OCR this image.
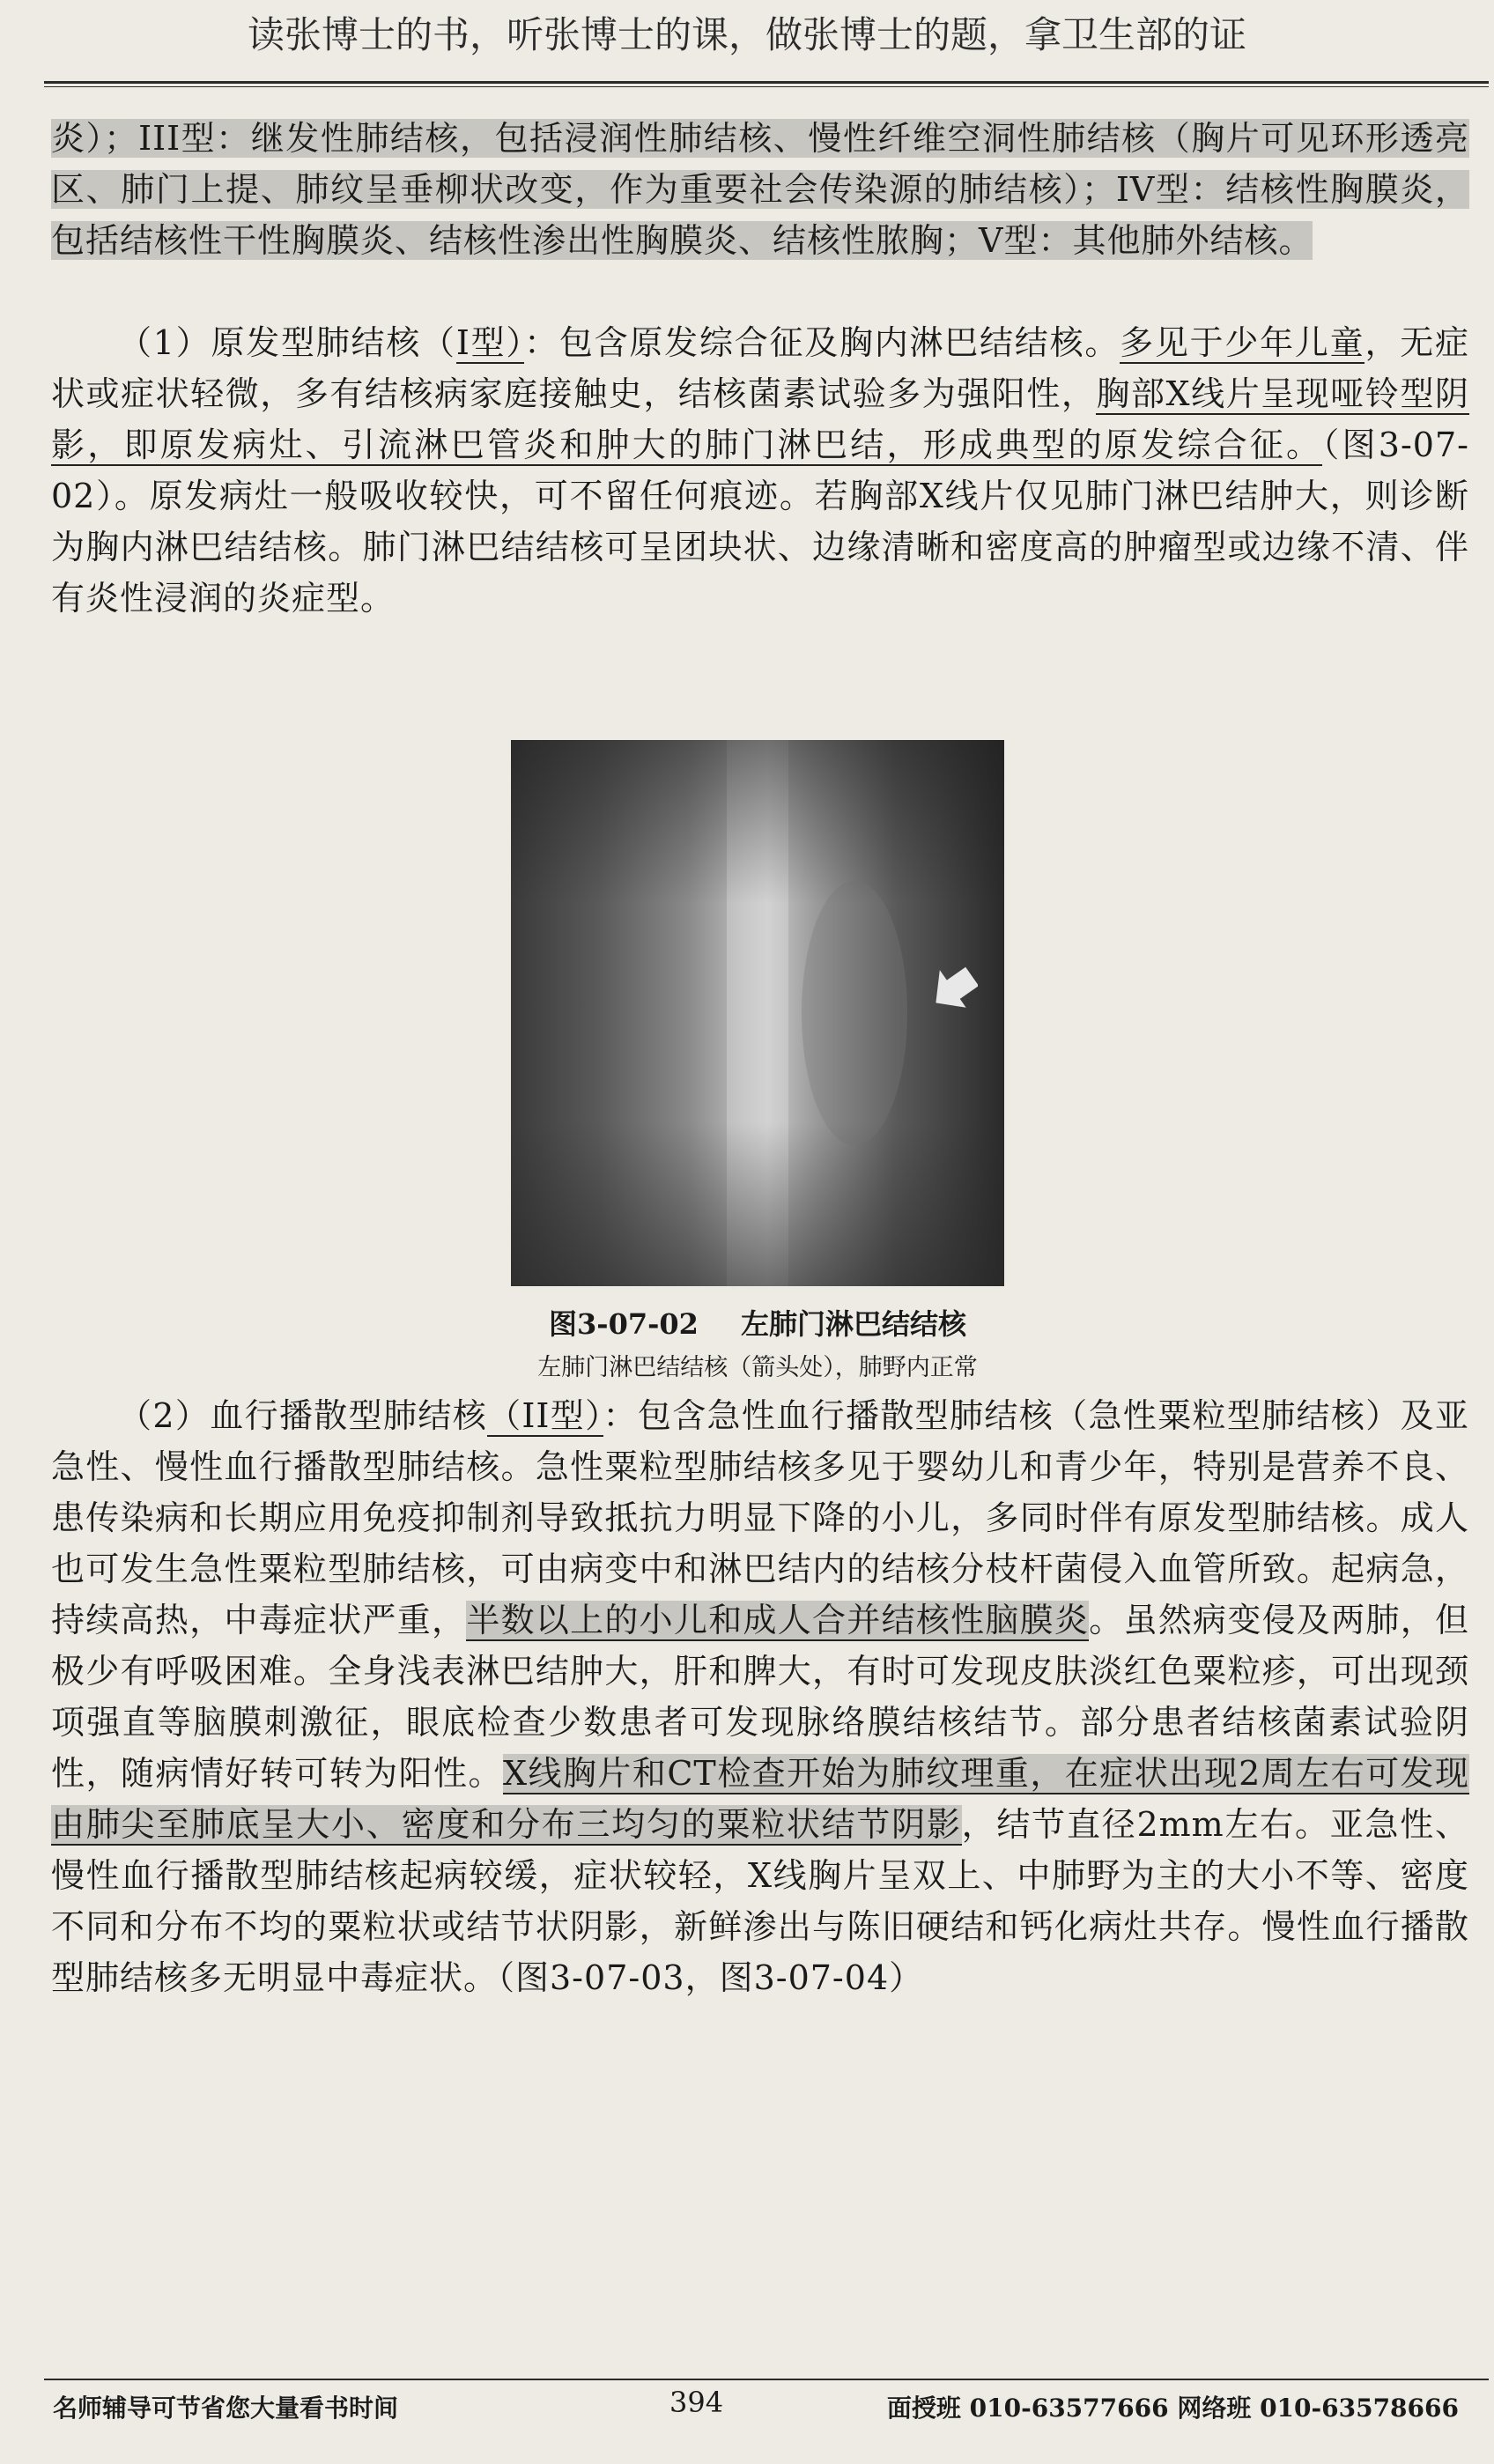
读张博士的书，听张博士的课，做张博士的题，拿卫生部的证

炎）；III型：继发性肺结核，包括浸润性肺结核、慢性纤维空洞性肺结核（胸片可见环形透亮区、肺门上提、肺纹呈垂柳状改变，作为重要社会传染源的肺结核）；IV型：结核性胸膜炎，包括结核性干性胸膜炎、结核性渗出性胸膜炎、结核性脓胸；V型：其他肺外结核。

（1）原发型肺结核（I型）：包含原发综合征及胸内淋巴结结核。多见于少年儿童，无症状或症状轻微，多有结核病家庭接触史，结核菌素试验多为强阳性，胸部X线片呈现哑铃型阴影，即原发病灶、引流淋巴管炎和肿大的肺门淋巴结，形成典型的原发综合征。（图3-07-02）。原发病灶一般吸收较快，可不留任何痕迹。若胸部X线片仅见肺门淋巴结肿大，则诊断为胸内淋巴结结核。肺门淋巴结结核可呈团块状、边缘清晰和密度高的肿瘤型或边缘不清、伴有炎性浸润的炎症型。

图3-07-02 左肺门淋巴结结核
左肺门淋巴结结核（箭头处），肺野内正常

（2）血行播散型肺结核（II型）：包含急性血行播散型肺结核（急性粟粒型肺结核）及亚急性、慢性血行播散型肺结核。急性粟粒型肺结核多见于婴幼儿和青少年，特别是营养不良、患传染病和长期应用免疫抑制剂导致抵抗力明显下降的小儿，多同时伴有原发型肺结核。成人也可发生急性粟粒型肺结核，可由病变中和淋巴结内的结核分枝杆菌侵入血管所致。起病急，持续高热，中毒症状严重，半数以上的小儿和成人合并结核性脑膜炎。虽然病变侵及两肺，但极少有呼吸困难。全身浅表淋巴结肿大，肝和脾大，有时可发现皮肤淡红色粟粒疹，可出现颈项强直等脑膜刺激征，眼底检查少数患者可发现脉络膜结核结节。部分患者结核菌素试验阴性，随病情好转可转为阳性。X线胸片和CT检查开始为肺纹理重，在症状出现2周左右可发现由肺尖至肺底呈大小、密度和分布三均匀的粟粒状结节阴影，结节直径2mm左右。亚急性、慢性血行播散型肺结核起病较缓，症状较轻，X线胸片呈双上、中肺野为主的大小不等、密度不同和分布不均的粟粒状或结节状阴影，新鲜渗出与陈旧硬结和钙化病灶共存。慢性血行播散型肺结核多无明显中毒症状。（图3-07-03，图3-07-04）

名师辅导可节省您大量看书时间	394	面授班 010-63577666 网络班 010-63578666
